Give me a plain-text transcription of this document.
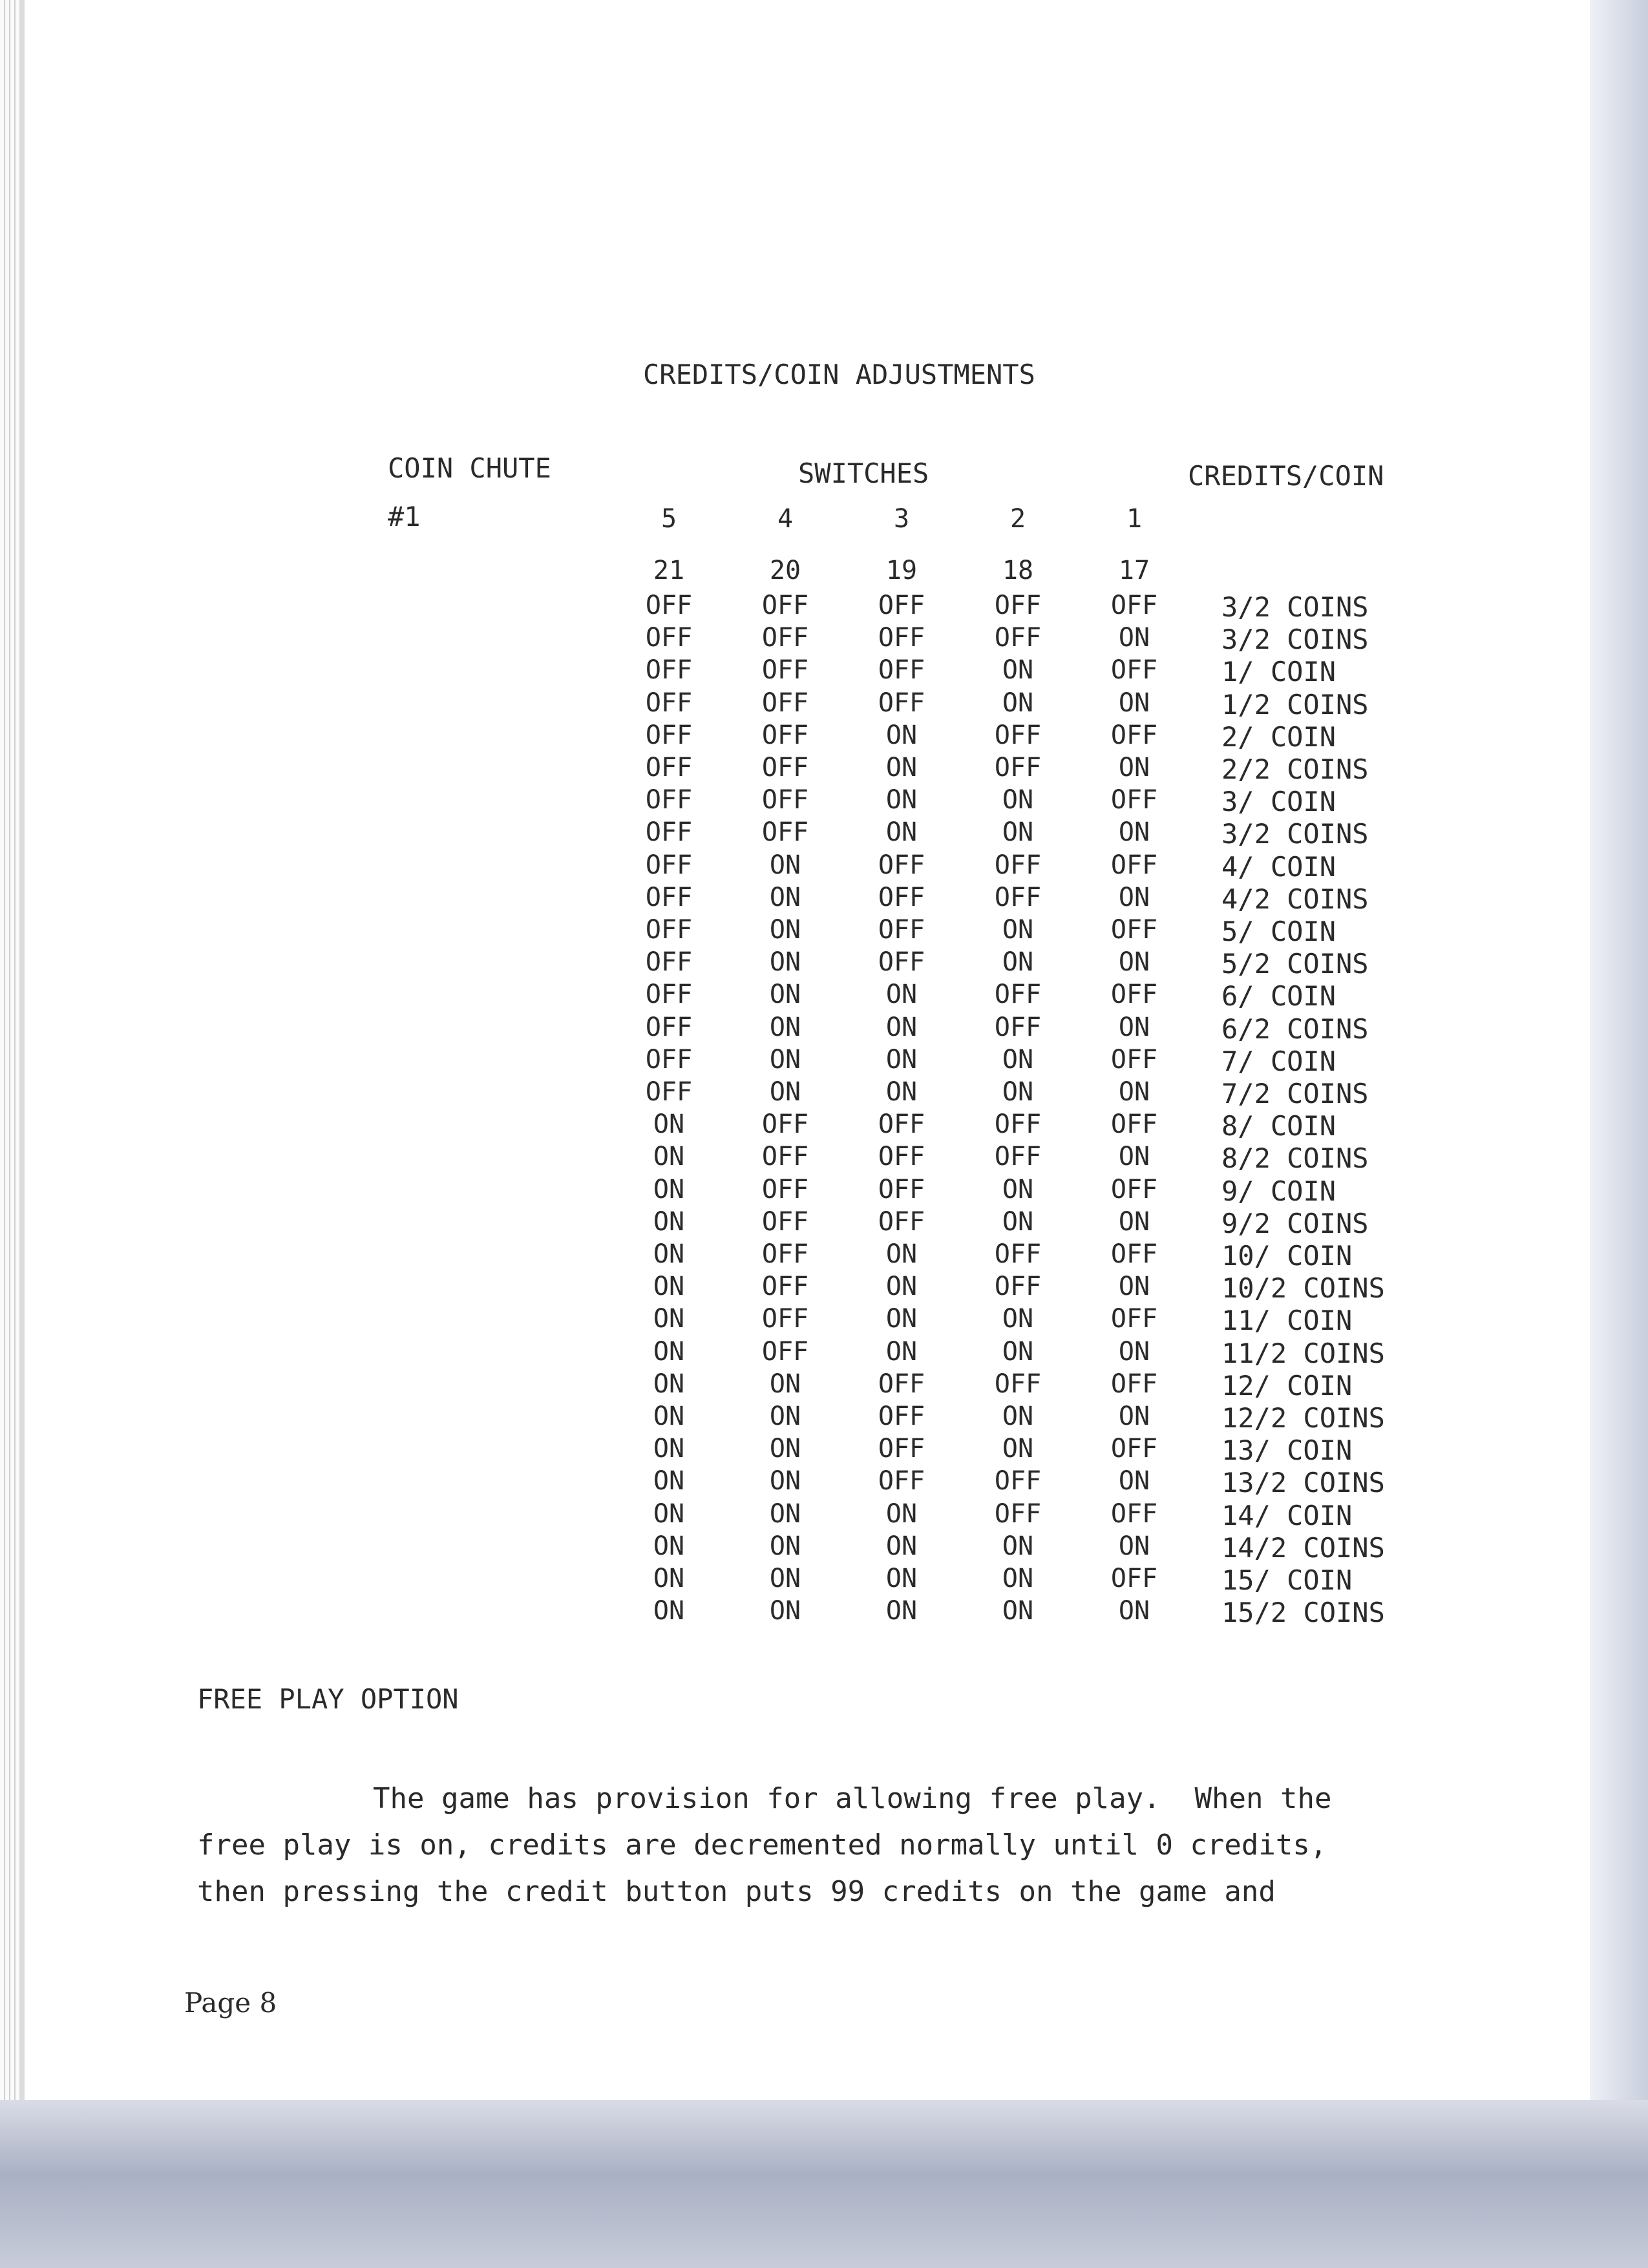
CREDITS/COIN ADJUSTMENTS
COIN CHUTE	SWITCHES	CREDITS/COIN
#1	5	4	3	2	1
21	20	19	18	17
OFF	OFF	OFF	OFF	OFF	3/2 COINS
OFF	OFF	OFF	OFF	ON	3/2 COINS
OFF	OFF	OFF	ON	OFF	1/ COIN
OFF	OFF	OFF	ON	ON	1/2 COINS
OFF	OFF	ON	OFF	OFF	2/ COIN
OFF	OFF	ON	OFF	ON	2/2 COINS
OFF	OFF	ON	ON	OFF	3/ COIN
OFF	OFF	ON	ON	ON	3/2 COINS
OFF	ON	OFF	OFF	OFF	4/ COIN
OFF	ON	OFF	OFF	ON	4/2 COINS
OFF	ON	OFF	ON	OFF	5/ COIN
OFF	ON	OFF	ON	ON	5/2 COINS
OFF	ON	ON	OFF	OFF	6/ COIN
OFF	ON	ON	OFF	ON	6/2 COINS
OFF	ON	ON	ON	OFF	7/ COIN
OFF	ON	ON	ON	ON	7/2 COINS
ON	OFF	OFF	OFF	OFF	8/ COIN
ON	OFF	OFF	OFF	ON	8/2 COINS
ON	OFF	OFF	ON	OFF	9/ COIN
ON	OFF	OFF	ON	ON	9/2 COINS
ON	OFF	ON	OFF	OFF	10/ COIN
ON	OFF	ON	OFF	ON	10/2 COINS
ON	OFF	ON	ON	OFF	11/ COIN
ON	OFF	ON	ON	ON	11/2 COINS
ON	ON	OFF	OFF	OFF	12/ COIN
ON	ON	OFF	ON	ON	12/2 COINS
ON	ON	OFF	ON	OFF	13/ COIN
ON	ON	OFF	OFF	ON	13/2 COINS
ON	ON	ON	OFF	OFF	14/ COIN
ON	ON	ON	ON	ON	14/2 COINS
ON	ON	ON	ON	OFF	15/ COIN
ON	ON	ON	ON	ON	15/2 COINS
FREE PLAY OPTION

The game has provision for allowing free play.  When the

free play is on, credits are decremented normally until 0 credits,

then pressing the credit button puts 99 credits on the game and

Page 8
